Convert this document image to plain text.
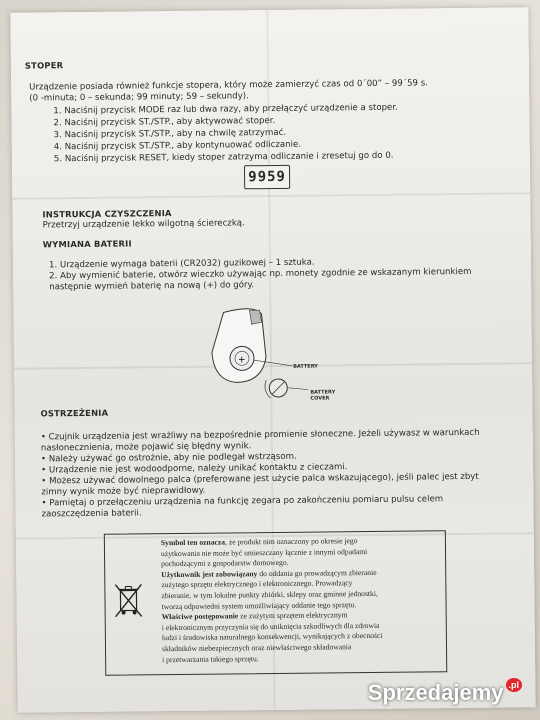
STOPER
Urządzenie posiada również funkcje stopera, który może zamierzyć czas od 0´00” – 99´59 s.
(0 -minuta; 0 – sekunda; 99 minuty; 59 – sekundy).
1. Naciśnij przycisk MODE raz lub dwa razy, aby przełączyć urządzenie a stoper.
2. Naciśnij przycisk ST./STP., aby aktywować stoper.
3. Naciśnij przycisk ST./STP., aby na chwilę zatrzymać.
4. Naciśnij przycisk ST./STP., aby kontynuować odliczanie.
5. Naciśnij przycisk RESET, kiedy stoper zatrzyma odliczanie i zresetuj go do 0.
9959
INSTRUKCJA CZYSZCZENIA
Przetrzyj urządzenie lekko wilgotną ściereczką.
WYMIANA BATERII
1. Urządzenie wymaga baterii (CR2032) guzikowej – 1 sztuka.
2. Aby wymienić baterie, otwórz wieczko używając np. monety zgodnie ze wskazanym kierunkiem
następnie wymień baterię na nową (+) do góry.
+
BATTERY
BATTERY
COVER
OSTRZEŻENIA
• Czujnik urządzenia jest wrażliwy na bezpośrednie promienie słoneczne. Jeżeli używasz w warunkach
nasłonecznienia, może pojawić się błędny wynik.
• Należy używać go ostrożnie, aby nie podlegał wstrząsom.
• Urządzenie nie jest wodoodporne, należy unikać kontaktu z cieczami.
• Możesz używać dowolnego palca (preferowane jest użycie palca wskazującego), jeśli palec jest zbyt
zimny wynik może być nieprawidłowy.
• Pamiętaj o przełączeniu urządzenia na funkcję zegara po zakończeniu pomiaru pulsu celem
zaoszczędzenia baterii.
Symbol ten oznacza, że produkt nim oznaczony po okresie jego
użytkowania nie może być umieszczany łącznie z innymi odpadami
pochodzącymi z gospodarstw domowego.
Użytkownik jest zobowiązany do oddania go prowadzącym zbieranie
zużytego sprzętu elektrycznego i elektronicznego. Prowadzący
zbieranie, w tym lokalne punkty zbiórki, sklepy oraz gminne jednostki,
tworzą odpowiedni system umożliwiający oddanie tego sprzętu.
Właściwe postępowanie ze zużytym sprzętem elektrycznym
i elektronicznym przyczynia się do uniknięcia szkodliwych dla zdrowia
ludzi i środowiska naturalnego konsekwencji, wynikających z obecności
składników niebezpiecznych oraz niewłaściwego składowania
i przetwarzania takiego sprzętu.
Sprzedajemy $^{.pl}$
